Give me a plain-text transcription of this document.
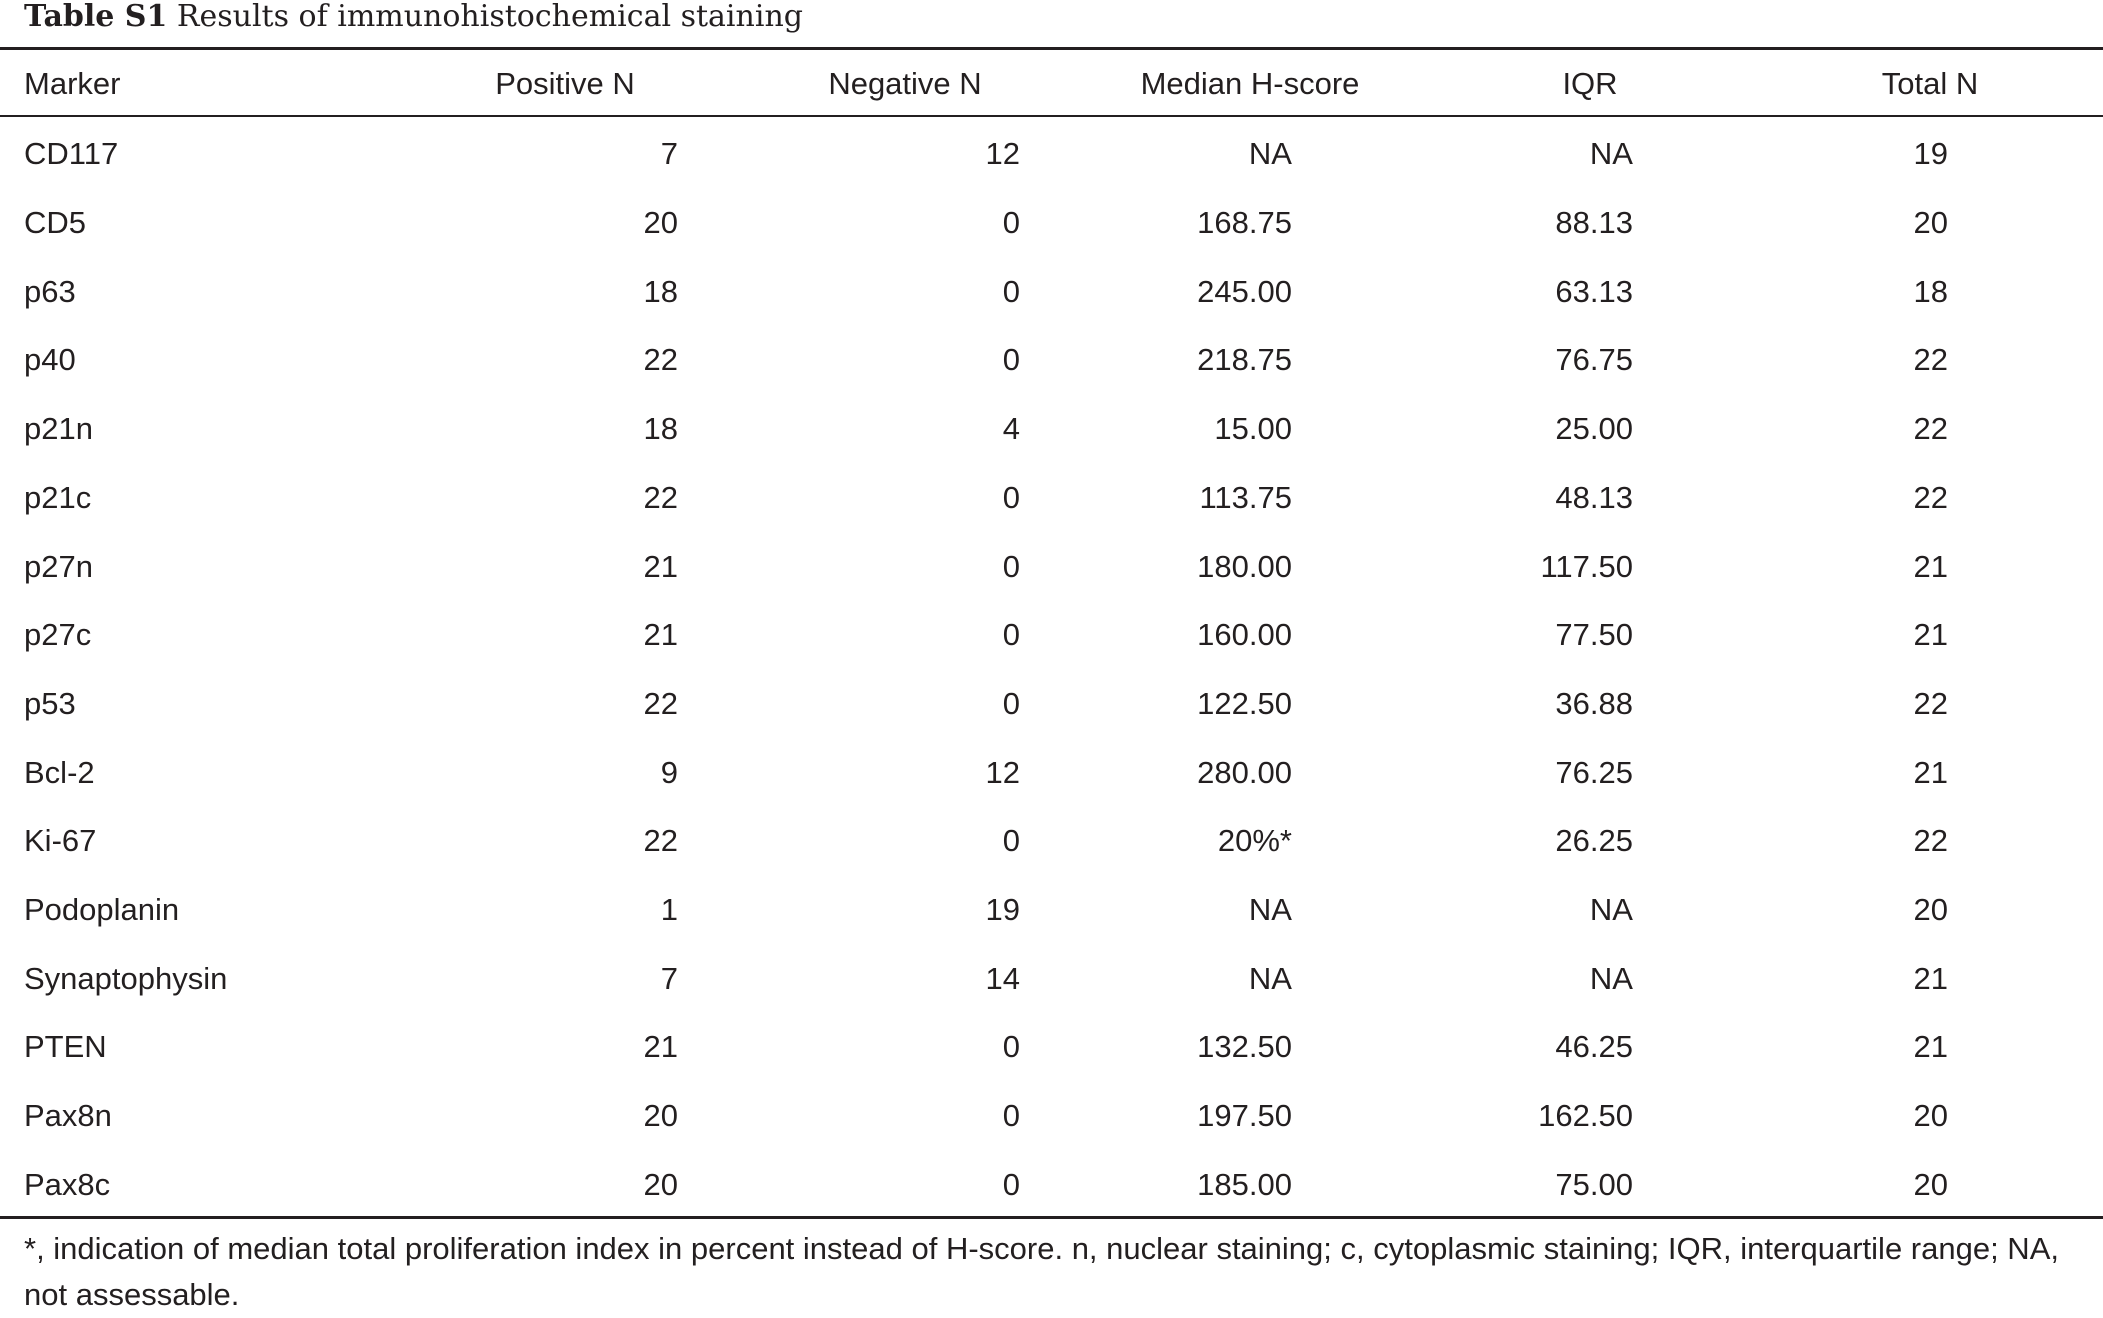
Table S1 Results of immunohistochemical staining
Marker	Positive N	Negative N	Median H-score	IQR	Total N
CD117	7	12	NA	NA	19
CD5	20	0	168.75	88.13	20
p63	18	0	245.00	63.13	18
p40	22	0	218.75	76.75	22
p21n	18	4	15.00	25.00	22
p21c	22	0	113.75	48.13	22
p27n	21	0	180.00	117.50	21
p27c	21	0	160.00	77.50	21
p53	22	0	122.50	36.88	22
Bcl-2	9	12	280.00	76.25	21
Ki-67	22	0	20%*	26.25	22
Podoplanin	1	19	NA	NA	20
Synaptophysin	7	14	NA	NA	21
PTEN	21	0	132.50	46.25	21
Pax8n	20	0	197.50	162.50	20
Pax8c	20	0	185.00	75.00	20
*, indication of median total proliferation index in percent instead of H-score. n, nuclear staining; c, cytoplasmic staining; IQR, interquartile range; NA, not assessable.
